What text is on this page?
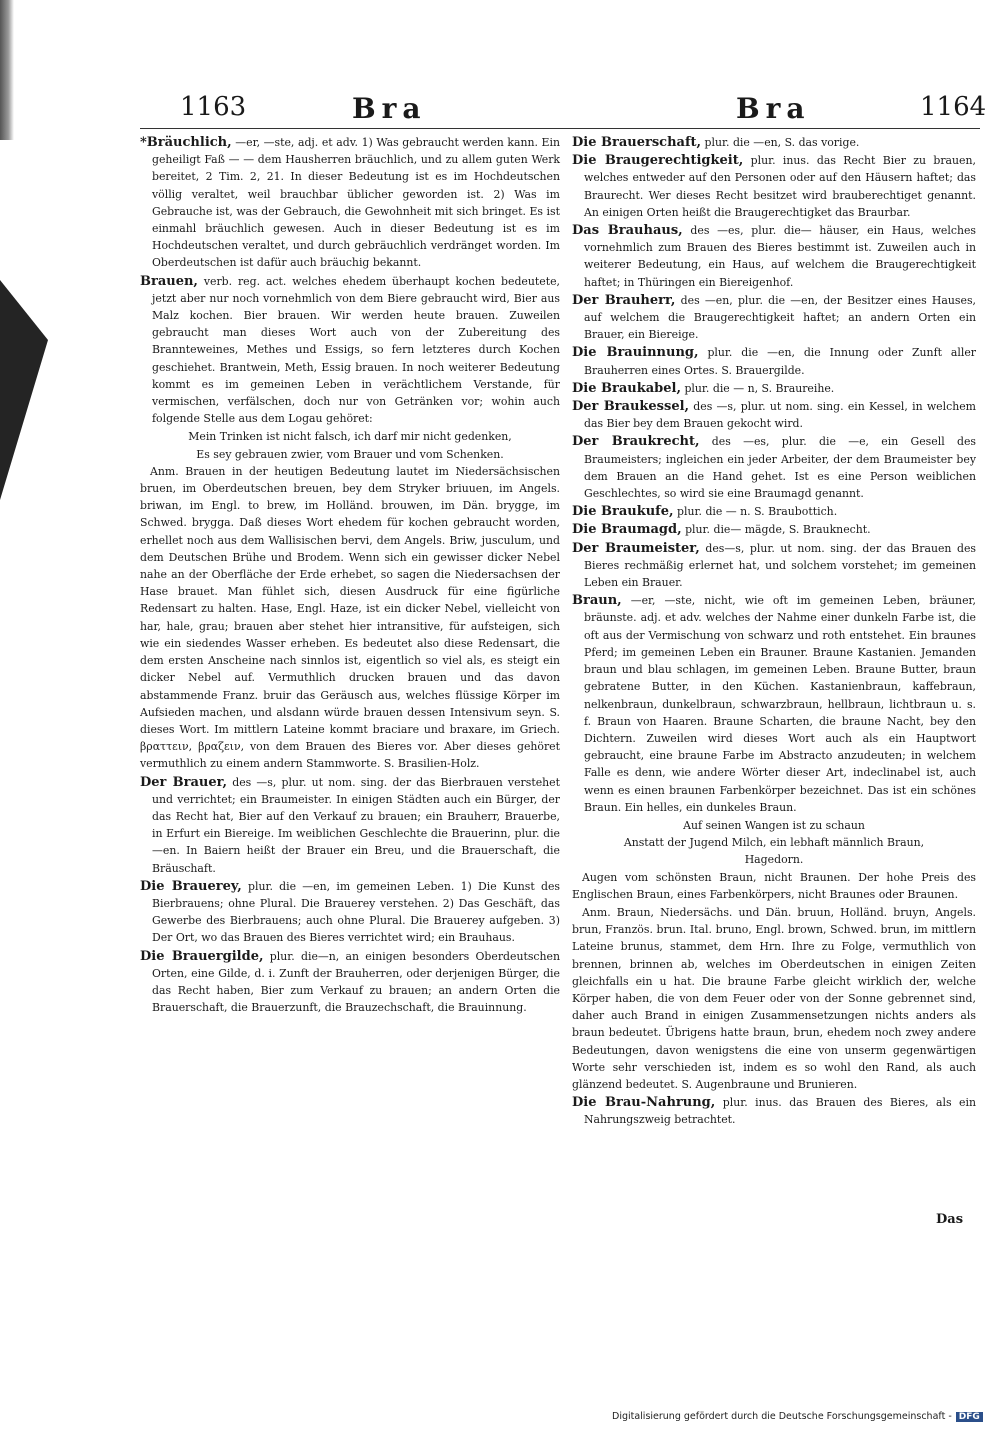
1163	Bra	Bra	1164

*Bräuchlich, —er, —ste, adj. et adv. 1) Was gebraucht werden kann. Ein geheiligt Faß — — dem Hausherren bräuchlich, und zu allem guten Werk bereitet, 2 Tim. 2, 21. In dieser Bedeutung ist es im Hochdeutschen völlig veraltet, weil brauchbar üblicher geworden ist. 2) Was im Gebrauche ist, was der Gebrauch, die Gewohnheit mit sich bringet. Es ist einmahl bräuchlich gewesen. Auch in dieser Bedeutung ist es im Hochdeutschen veraltet, und durch gebräuchlich verdränget worden. Im Oberdeutschen ist dafür auch bräuchig bekannt.

Brauen, verb. reg. act. welches ehedem überhaupt kochen bedeutete, jetzt aber nur noch vornehmlich von dem Biere gebraucht wird, Bier aus Malz kochen. Bier brauen. Wir werden heute brauen. Zuweilen gebraucht man dieses Wort auch von der Zubereitung des Brannteweines, Methes und Essigs, so fern letzteres durch Kochen geschiehet. Brantwein, Meth, Essig brauen. In noch weiterer Bedeutung kommt es im gemeinen Leben in verächtlichem Verstande, für vermischen, verfälschen, doch nur von Getränken vor; wohin auch folgende Stelle aus dem Logau gehöret:

Mein Trinken ist nicht falsch, ich darf mir nicht gedenken,

Es sey gebrauen zwier, vom Brauer und vom Schenken.

Anm. Brauen in der heutigen Bedeutung lautet im Niedersächsischen bruen, im Oberdeutschen breuen, bey dem Stryker briuuen, im Angels. briwan, im Engl. to brew, im Holländ. brouwen, im Dän. brygge, im Schwed. brygga. Daß dieses Wort ehedem für kochen gebraucht worden, erhellet noch aus dem Wallisischen bervi, dem Angels. Briw, jusculum, und dem Deutschen Brühe und Brodem. Wenn sich ein gewisser dicker Nebel nahe an der Oberfläche der Erde erhebet, so sagen die Niedersachsen der Hase brauet. Man fühlet sich, diesen Ausdruck für eine figürliche Redensart zu halten. Hase, Engl. Haze, ist ein dicker Nebel, vielleicht von har, hale, grau; brauen aber stehet hier intransitive, für aufsteigen, sich wie ein siedendes Wasser erheben. Es bedeutet also diese Redensart, die dem ersten Anscheine nach sinnlos ist, eigentlich so viel als, es steigt ein dicker Nebel auf. Vermuthlich drucken brauen und das davon abstammende Franz. bruir das Geräusch aus, welches flüssige Körper im Aufsieden machen, und alsdann würde brauen dessen Intensivum seyn. S. dieses Wort. Im mittlern Lateine kommt braciare und braxare, im Griech. βραττειν, βραζειν, von dem Brauen des Bieres vor. Aber dieses gehöret vermuthlich zu einem andern Stammworte. S. Brasilien-Holz.

Der Brauer, des —s, plur. ut nom. sing. der das Bierbrauen verstehet und verrichtet; ein Braumeister. In einigen Städten auch ein Bürger, der das Recht hat, Bier auf den Verkauf zu brauen; ein Brauherr, Brauerbe, in Erfurt ein Biereige. Im weiblichen Geschlechte die Brauerinn, plur. die —en. In Baiern heißt der Brauer ein Breu, und die Brauerschaft, die Bräuschaft.

Die Brauerey, plur. die —en, im gemeinen Leben. 1) Die Kunst des Bierbrauens; ohne Plural. Die Brauerey verstehen. 2) Das Geschäft, das Gewerbe des Bierbrauens; auch ohne Plural. Die Brauerey aufgeben. 3) Der Ort, wo das Brauen des Bieres verrichtet wird; ein Brauhaus.

Die Brauergilde, plur. die—n, an einigen besonders Oberdeutschen Orten, eine Gilde, d. i. Zunft der Brauherren, oder derjenigen Bürger, die das Recht haben, Bier zum Verkauf zu brauen; an andern Orten die Brauerschaft, die Brauerzunft, die Brauzechschaft, die Brauinnung.

Die Brauerschaft, plur. die —en, S. das vorige.

Die Braugerechtigkeit, plur. inus. das Recht Bier zu brauen, welches entweder auf den Personen oder auf den Häusern haftet; das Braurecht. Wer dieses Recht besitzet wird brauberechtiget genannt. An einigen Orten heißt die Braugerechtigket das Braurbar.

Das Brauhaus, des —es, plur. die— häuser, ein Haus, welches vornehmlich zum Brauen des Bieres bestimmt ist. Zuweilen auch in weiterer Bedeutung, ein Haus, auf welchem die Braugerechtigkeit haftet; in Thüringen ein Biereigenhof.

Der Brauherr, des —en, plur. die —en, der Besitzer eines Hauses, auf welchem die Braugerechtigkeit haftet; an andern Orten ein Brauer, ein Biereige.

Die Brauinnung, plur. die —en, die Innung oder Zunft aller Brauherren eines Ortes. S. Brauergilde.

Die Braukabel, plur. die — n, S. Braureihe.

Der Braukessel, des —s, plur. ut nom. sing. ein Kessel, in welchem das Bier bey dem Brauen gekocht wird.

Der Braukrecht, des —es, plur. die —e, ein Gesell des Braumeisters; ingleichen ein jeder Arbeiter, der dem Braumeister bey dem Brauen an die Hand gehet. Ist es eine Person weiblichen Geschlechtes, so wird sie eine Braumagd genannt.

Die Braukufe, plur. die — n. S. Braubottich.

Die Braumagd, plur. die— mägde, S. Brauknecht.

Der Braumeister, des—s, plur. ut nom. sing. der das Brauen des Bieres rechmäßig erlernet hat, und solchem vorstehet; im gemeinen Leben ein Brauer.

Braun, —er, —ste, nicht, wie oft im gemeinen Leben, bräuner, bräunste. adj. et adv. welches der Nahme einer dunkeln Farbe ist, die oft aus der Vermischung von schwarz und roth entstehet. Ein braunes Pferd; im gemeinen Leben ein Brauner. Braune Kastanien. Jemanden braun und blau schlagen, im gemeinen Leben. Braune Butter, braun gebratene Butter, in den Küchen. Kastanienbraun, kaffebraun, nelkenbraun, dunkelbraun, schwarzbraun, hellbraun, lichtbraun u. s. f. Braun von Haaren. Braune Scharten, die braune Nacht, bey den Dichtern. Zuweilen wird dieses Wort auch als ein Hauptwort gebraucht, eine braune Farbe im Abstracto anzudeuten; in welchem Falle es denn, wie andere Wörter dieser Art, indeclinabel ist, auch wenn es einen braunen Farbenkörper bezeichnet. Das ist ein schönes Braun. Ein helles, ein dunkeles Braun.

Auf seinen Wangen ist zu schaun

Anstatt der Jugend Milch, ein lebhaft männlich Braun,

Hagedorn.

Augen vom schönsten Braun, nicht Braunen. Der hohe Preis des Englischen Braun, eines Farbenkörpers, nicht Braunes oder Braunen.

Anm. Braun, Niedersächs. und Dän. bruun, Holländ. bruyn, Angels. brun, Französ. brun. Ital. bruno, Engl. brown, Schwed. brun, im mittlern Lateine brunus, stammet, dem Hrn. Ihre zu Folge, vermuthlich von brennen, brinnen ab, welches im Oberdeutschen in einigen Zeiten gleichfalls ein u hat. Die braune Farbe gleicht wirklich der, welche Körper haben, die von dem Feuer oder von der Sonne gebrennet sind, daher auch Brand in einigen Zusammensetzungen nichts anders als braun bedeutet. Übrigens hatte braun, brun, ehedem noch zwey andere Bedeutungen, davon wenigstens die eine von unserm gegenwärtigen Worte sehr verschieden ist, indem es so wohl den Rand, als auch glänzend bedeutet. S. Augenbraune und Brunieren.

Die Brau-Nahrung, plur. inus. das Brauen des Bieres, als ein Nahrungszweig betrachtet.

Das
Digitalisierung gefördert durch die Deutsche Forschungsgemeinschaft - DFG
